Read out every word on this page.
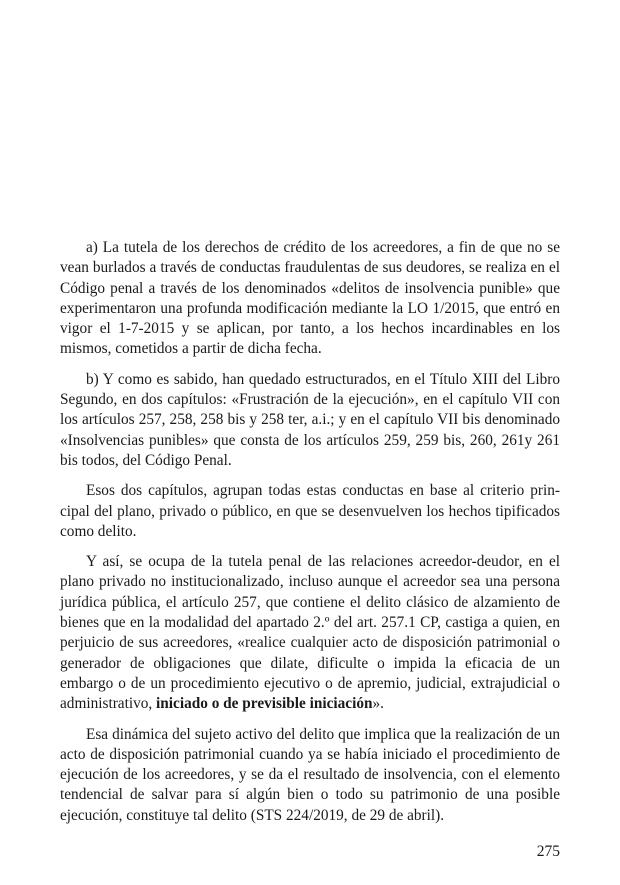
a) La tutela de los derechos de crédito de los acreedores, a fin de que no se vean burlados a través de conductas fraudulentas de sus deudores, se realiza en el Código penal a través de los denominados «delitos de insolvencia punible» que experimentaron una profunda modificación mediante la LO 1/2015, que entró en vigor el 1-7-2015 y se aplican, por tanto, a los hechos incardinables en los mismos, cometidos a partir de dicha fecha.

b) Y como es sabido, han quedado estructurados, en el Título XIII del Libro Segundo, en dos capítulos: «Frustración de la ejecución», en el capítulo VII con los artículos 257, 258, 258 bis y 258 ter, a.i.; y en el capítulo VII bis denominado «Insolvencias punibles» que consta de los artículos 259, 259 bis, 260, 261y 261 bis todos, del Código Penal.

Esos dos capítulos, agrupan todas estas conductas en base al criterio principal del plano, privado o público, en que se desenvuelven los hechos tipificados como delito.

Y así, se ocupa de la tutela penal de las relaciones acreedor-deudor, en el plano privado no institucionalizado, incluso aunque el acreedor sea una persona jurídica pública, el artículo 257, que contiene el delito clásico de alzamiento de bienes que en la modalidad del apartado 2.º del art. 257.1 CP, castiga a quien, en perjuicio de sus acreedores, «realice cualquier acto de disposición patrimonial o generador de obligaciones que dilate, dificulte o impida la eficacia de un embargo o de un procedimiento ejecutivo o de apremio, judicial, extrajudicial o administrativo, iniciado o de previsible iniciación».

Esa dinámica del sujeto activo del delito que implica que la realización de un acto de disposición patrimonial cuando ya se había iniciado el procedimiento de ejecución de los acreedores, y se da el resultado de insolvencia, con el elemento tendencial de salvar para sí algún bien o todo su patrimonio de una posible ejecución, constituye tal delito (STS 224/2019, de 29 de abril).

275
